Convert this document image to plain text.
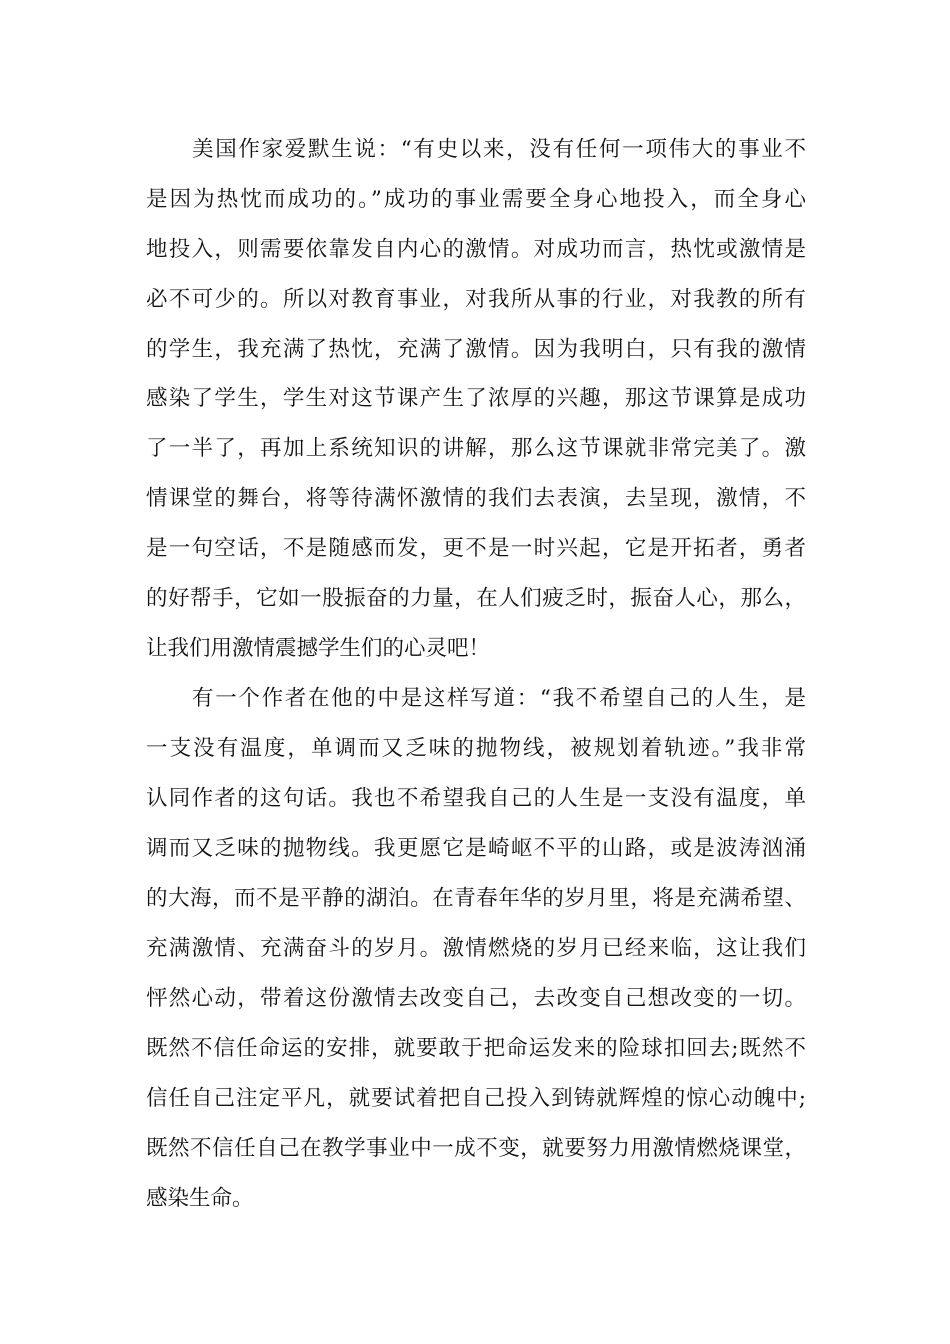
美国作家爱默生说：“有史以来，没有任何一项伟大的事业不
是因为热忱而成功的。”成功的事业需要全身心地投入，而全身心
地投入，则需要依靠发自内心的激情。对成功而言，热忱或激情是
必不可少的。所以对教育事业，对我所从事的行业，对我教的所有
的学生，我充满了热忱，充满了激情。因为我明白，只有我的激情
感染了学生，学生对这节课产生了浓厚的兴趣，那这节课算是成功
了一半了，再加上系统知识的讲解，那么这节课就非常完美了。激
情课堂的舞台，将等待满怀激情的我们去表演，去呈现，激情，不
是一句空话，不是随感而发，更不是一时兴起，它是开拓者，勇者
的好帮手，它如一股振奋的力量，在人们疲乏时，振奋人心，那么，
让我们用激情震撼学生们的心灵吧！
有一个作者在他的中是这样写道：“我不希望自己的人生，是
一支没有温度，单调而又乏味的抛物线，被规划着轨迹。”我非常
认同作者的这句话。我也不希望我自己的人生是一支没有温度，单
调而又乏味的抛物线。我更愿它是崎岖不平的山路，或是波涛汹涌
的大海，而不是平静的湖泊。在青春年华的岁月里，将是充满希望、
充满激情、充满奋斗的岁月。激情燃烧的岁月已经来临，这让我们
怦然心动，带着这份激情去改变自己，去改变自己想改变的一切。
既然不信任命运的安排，就要敢于把命运发来的险球扣回去;既然不
信任自己注定平凡，就要试着把自己投入到铸就辉煌的惊心动魄中;
既然不信任自己在教学事业中一成不变，就要努力用激情燃烧课堂，
感染生命。
